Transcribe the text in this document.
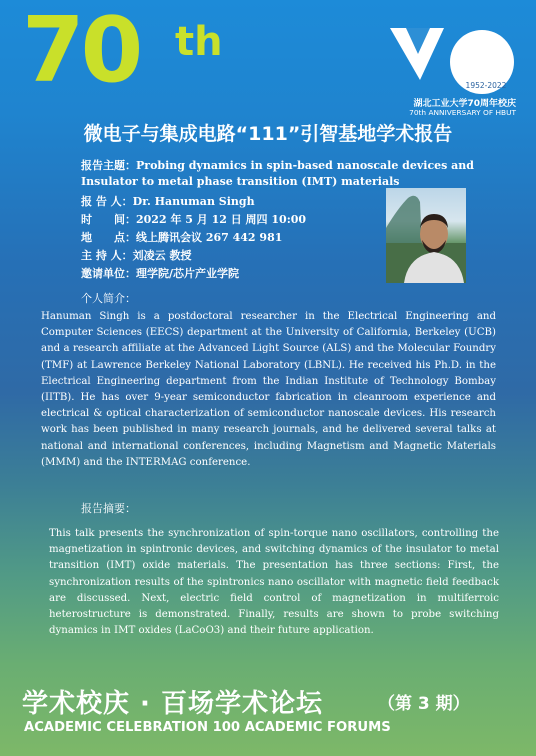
70 th
1952-2022
湖北工业大学70周年校庆
70th ANNIVERSARY OF HBUT
微电子与集成电路“111”引智基地学术报告
报告主题：Probing dynamics in spin-based nanoscale devices and
Insulator to metal phase transition (IMT) materials
报 告 人：Dr. Hanuman Singh
时　　间：2022 年 5 月 12 日 周四 10:00
地　　点：线上腾讯会议 267 442 981
主 持 人：刘凌云 教授
邀请单位：理学院/芯片产业学院
个人简介：
Hanuman Singh is a postdoctoral researcher in the Electrical Engineering and Computer Sciences (EECS) department at the University of California, Berkeley (UCB) and a research affiliate at the Advanced Light Source (ALS) and the Molecular Foundry (TMF) at Lawrence Berkeley National Laboratory (LBNL). He received his Ph.D. in the Electrical Engineering department from the Indian Institute of Technology Bombay (IITB). He has over 9-year semiconductor fabrication in cleanroom experience and electrical & optical characterization of semiconductor nanoscale devices. His research work has been published in many research journals, and he delivered several talks at national and international conferences, including Magnetism and Magnetic Materials (MMM) and the INTERMAG conference.
报告摘要：
This talk presents the synchronization of spin-torque nano oscillators, controlling the magnetization in spintronic devices, and switching dynamics of the insulator to metal transition (IMT) oxide materials. The presentation has three sections: First, the synchronization results of the spintronics nano oscillator with magnetic field feedback are discussed. Next, electric field control of magnetization in multiferroic heterostructure is demonstrated. Finally, results are shown to probe switching dynamics in IMT oxides (LaCoO3) and their future application.
学术校庆 · 百场学术论坛	（第 3 期）
ACADEMIC CELEBRATION 100 ACADEMIC FORUMS
